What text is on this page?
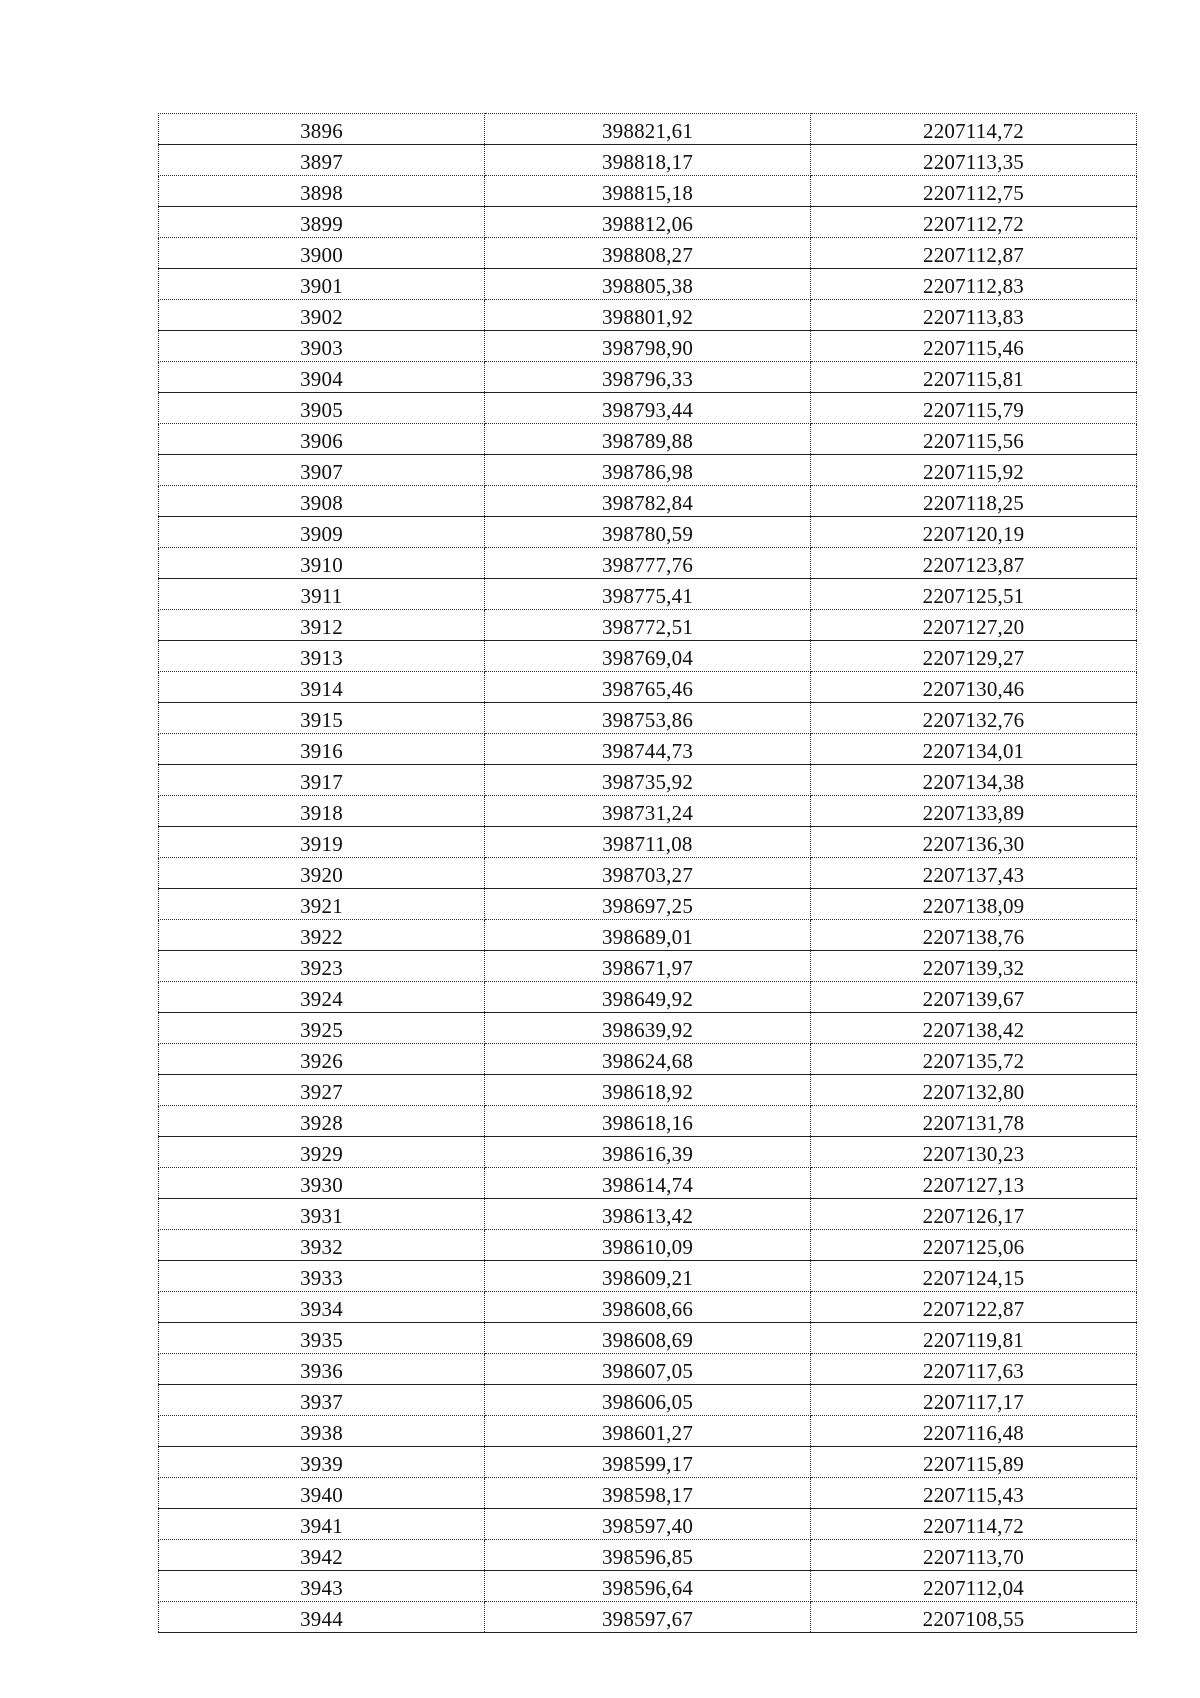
3896	398821,61	2207114,72
3897	398818,17	2207113,35
3898	398815,18	2207112,75
3899	398812,06	2207112,72
3900	398808,27	2207112,87
3901	398805,38	2207112,83
3902	398801,92	2207113,83
3903	398798,90	2207115,46
3904	398796,33	2207115,81
3905	398793,44	2207115,79
3906	398789,88	2207115,56
3907	398786,98	2207115,92
3908	398782,84	2207118,25
3909	398780,59	2207120,19
3910	398777,76	2207123,87
3911	398775,41	2207125,51
3912	398772,51	2207127,20
3913	398769,04	2207129,27
3914	398765,46	2207130,46
3915	398753,86	2207132,76
3916	398744,73	2207134,01
3917	398735,92	2207134,38
3918	398731,24	2207133,89
3919	398711,08	2207136,30
3920	398703,27	2207137,43
3921	398697,25	2207138,09
3922	398689,01	2207138,76
3923	398671,97	2207139,32
3924	398649,92	2207139,67
3925	398639,92	2207138,42
3926	398624,68	2207135,72
3927	398618,92	2207132,80
3928	398618,16	2207131,78
3929	398616,39	2207130,23
3930	398614,74	2207127,13
3931	398613,42	2207126,17
3932	398610,09	2207125,06
3933	398609,21	2207124,15
3934	398608,66	2207122,87
3935	398608,69	2207119,81
3936	398607,05	2207117,63
3937	398606,05	2207117,17
3938	398601,27	2207116,48
3939	398599,17	2207115,89
3940	398598,17	2207115,43
3941	398597,40	2207114,72
3942	398596,85	2207113,70
3943	398596,64	2207112,04
3944	398597,67	2207108,55
